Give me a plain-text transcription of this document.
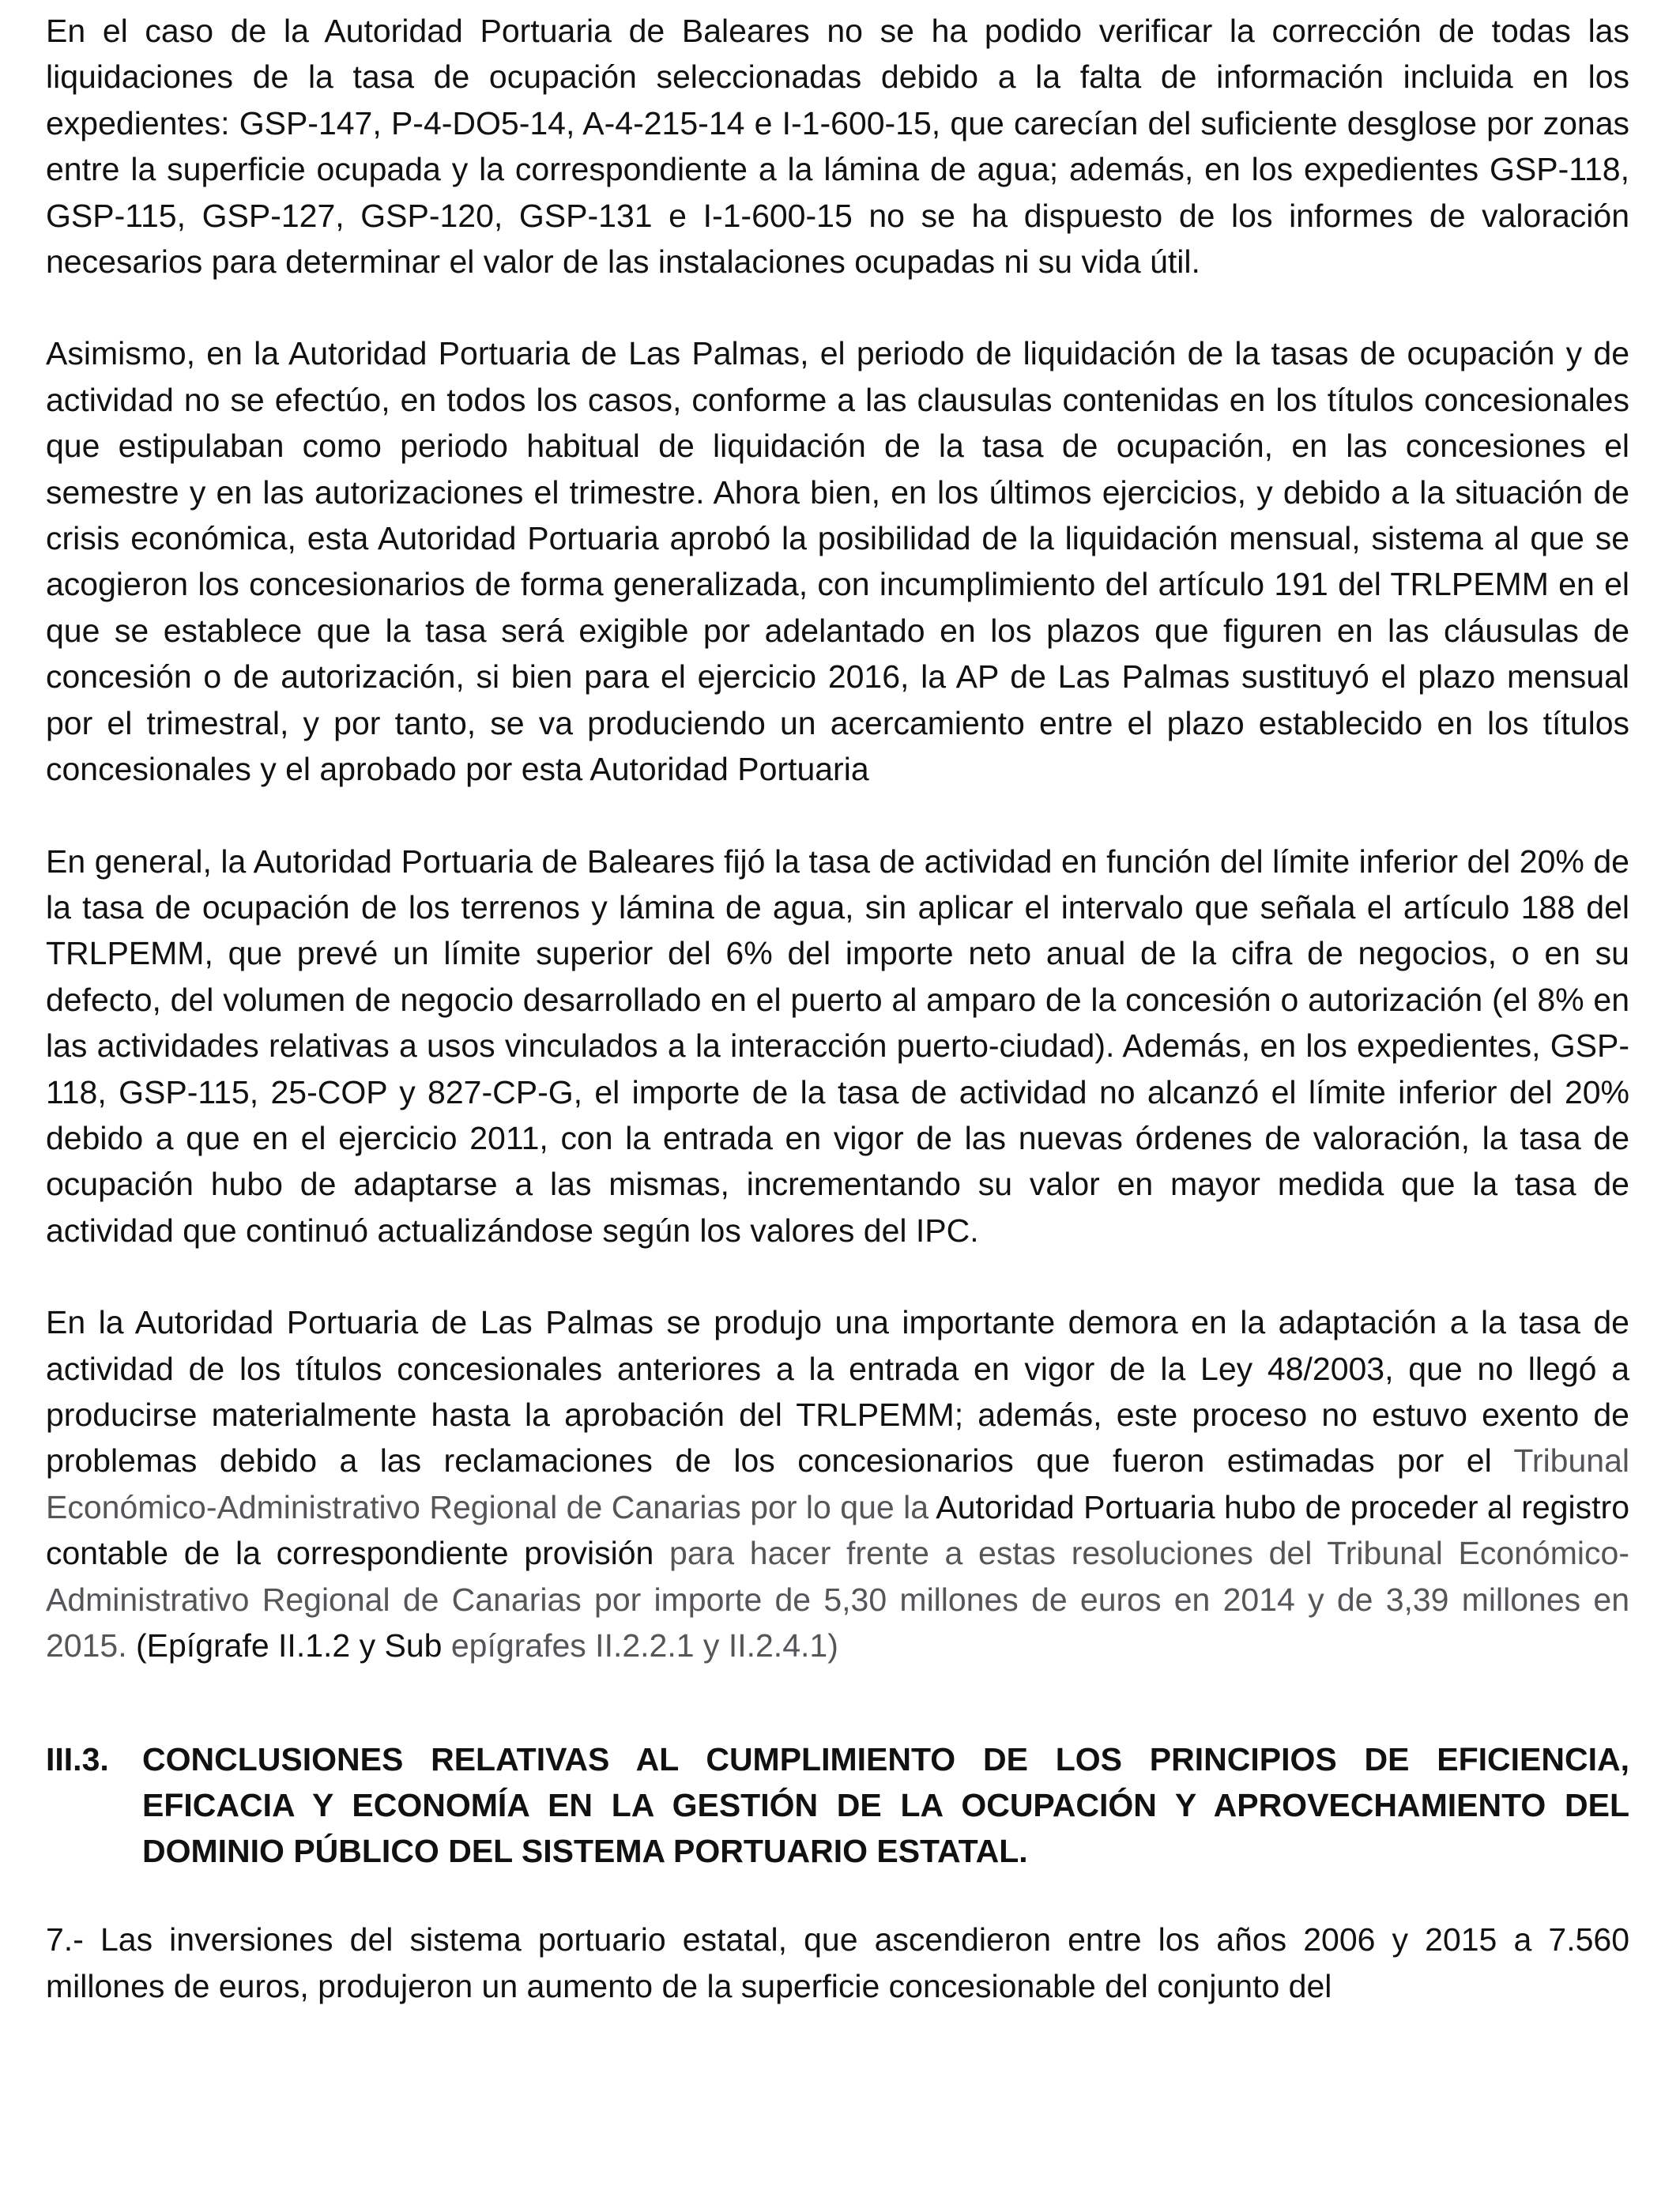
En el caso de la Autoridad Portuaria de Baleares no se ha podido verificar la corrección de todas las liquidaciones de la tasa de ocupación seleccionadas debido a la falta de información incluida en los expedientes: GSP-147, P-4-DO5-14, A-4-215-14 e I-1-600-15, que carecían del suficiente desglose por zonas entre la superficie ocupada y la correspondiente a la lámina de agua; además, en los expedientes GSP-118, GSP-115, GSP-127, GSP-120, GSP-131 e I-1-600-15 no se ha dispuesto de los informes de valoración necesarios para determinar el valor de las instalaciones ocupadas ni su vida útil.

Asimismo, en la Autoridad Portuaria de Las Palmas, el periodo de liquidación de la tasas de ocupación y de actividad no se efectúo, en todos los casos, conforme a las clausulas contenidas en los títulos concesionales que estipulaban como periodo habitual de liquidación de la tasa de ocupación, en las concesiones el semestre y en las autorizaciones el trimestre. Ahora bien, en los últimos ejercicios, y debido a la situación de crisis económica, esta Autoridad Portuaria aprobó la posibilidad de la liquidación mensual, sistema al que se acogieron los concesionarios de forma generalizada, con incumplimiento del artículo 191 del TRLPEMM en el que se establece que la tasa será exigible por adelantado en los plazos que figuren en las cláusulas de concesión o de autorización, si bien para el ejercicio 2016, la AP de Las Palmas sustituyó el plazo mensual por el trimestral, y por tanto, se va produciendo un acercamiento entre el plazo establecido en los títulos concesionales y el aprobado por esta Autoridad Portuaria

En general, la Autoridad Portuaria de Baleares fijó la tasa de actividad en función del límite inferior del 20% de la tasa de ocupación de los terrenos y lámina de agua, sin aplicar el intervalo que señala el artículo 188 del TRLPEMM, que prevé un límite superior del 6% del importe neto anual de la cifra de negocios, o en su defecto, del volumen de negocio desarrollado en el puerto al amparo de la concesión o autorización (el 8% en las actividades relativas a usos vinculados a la interacción puerto-ciudad). Además, en los expedientes, GSP-118, GSP-115, 25-COP y 827-CP-G, el importe de la tasa de actividad no alcanzó el límite inferior del 20% debido a que en el ejercicio 2011, con la entrada en vigor de las nuevas órdenes de valoración, la tasa de ocupación hubo de adaptarse a las mismas, incrementando su valor en mayor medida que la tasa de actividad que continuó actualizándose según los valores del IPC.

En la Autoridad Portuaria de Las Palmas se produjo una importante demora en la adaptación a la tasa de actividad de los títulos concesionales anteriores a la entrada en vigor de la Ley 48/2003, que no llegó a producirse materialmente hasta la aprobación del TRLPEMM; además, este proceso no estuvo exento de problemas debido a las reclamaciones de los concesionarios que fueron estimadas por el Tribunal Económico-Administrativo Regional de Canarias por lo que la Autoridad Portuaria hubo de proceder al registro contable de la correspondiente provisión para hacer frente a estas resoluciones del Tribunal Económico-Administrativo Regional de Canarias por importe de 5,30 millones de euros en 2014 y de 3,39 millones en 2015. (Epígrafe II.1.2 y Sub epígrafes II.2.2.1 y II.2.4.1)

III.3.	CONCLUSIONES RELATIVAS AL CUMPLIMIENTO DE LOS PRINCIPIOS DE EFICIENCIA, EFICACIA Y ECONOMÍA EN LA GESTIÓN DE LA OCUPACIÓN Y APROVECHAMIENTO DEL DOMINIO PÚBLICO DEL SISTEMA PORTUARIO ESTATAL.

7.- Las inversiones del sistema portuario estatal, que ascendieron entre los años 2006 y 2015 a 7.560 millones de euros, produjeron un aumento de la superficie concesionable del conjunto del
